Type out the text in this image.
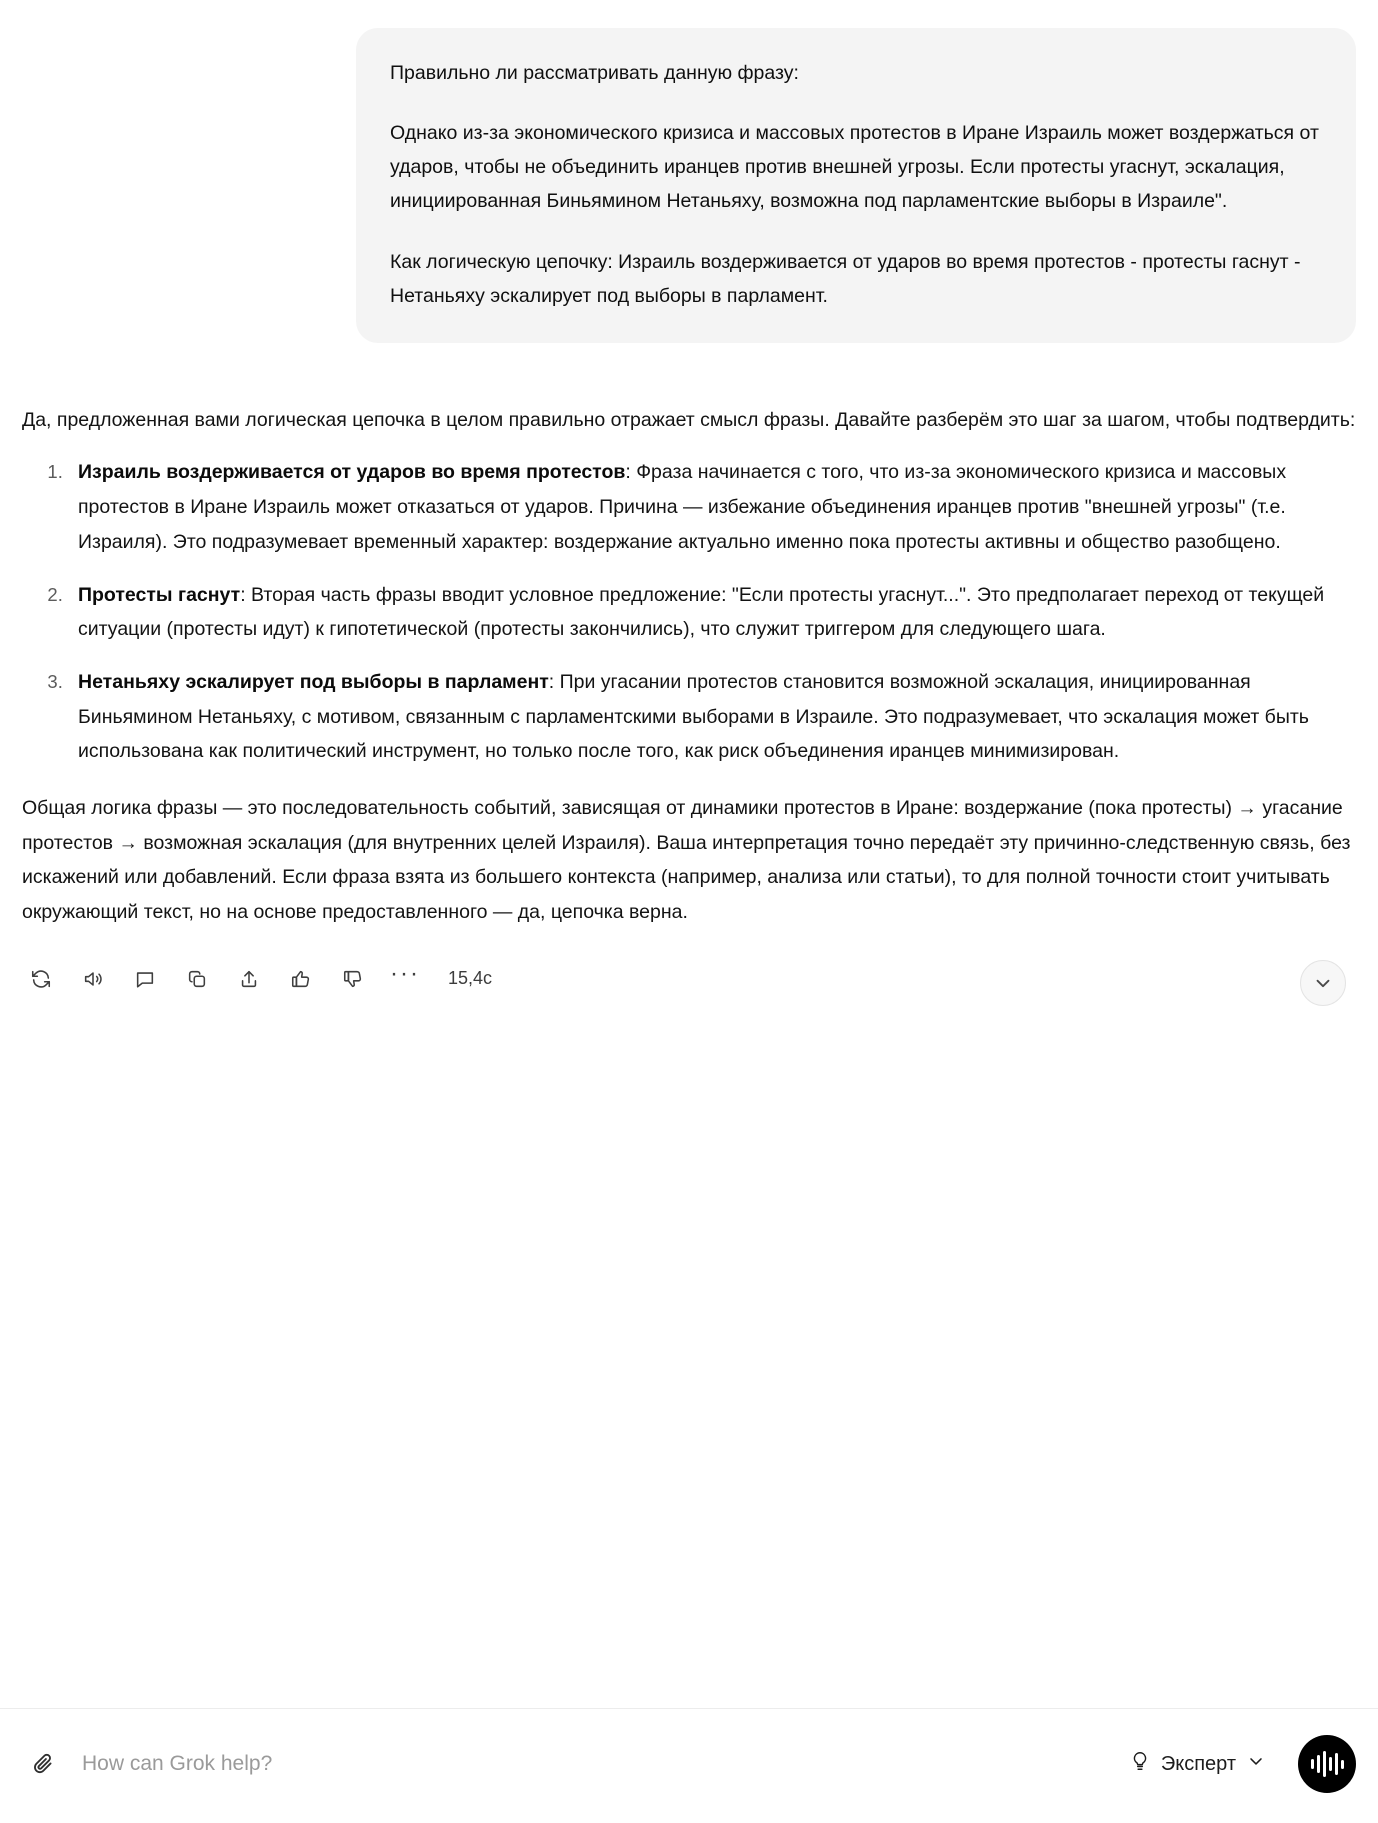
Правильно ли рассматривать данную фразу:

Однако из-за экономического кризиса и массовых протестов в Иране Израиль может воздержаться от ударов, чтобы не объединить иранцев против внешней угрозы. Если протесты угаснут, эскалация, инициированная Биньямином Нетаньяху, возможна под парламентские выборы в Израиле".

Как логическую цепочку: Израиль воздерживается от ударов во время протестов - протесты гаснут - Нетаньяху эскалирует под выборы в парламент.

Да, предложенная вами логическая цепочка в целом правильно отражает смысл фразы. Давайте разберём это шаг за шагом, чтобы подтвердить:

1. Израиль воздерживается от ударов во время протестов: Фраза начинается с того, что из-за экономического кризиса и массовых протестов в Иране Израиль может отказаться от ударов. Причина — избежание объединения иранцев против "внешней угрозы" (т.е. Израиля). Это подразумевает временный характер: воздержание актуально именно пока протесты активны и общество разобщено.
2. Протесты гаснут: Вторая часть фразы вводит условное предложение: "Если протесты угаснут...". Это предполагает переход от текущей ситуации (протесты идут) к гипотетической (протесты закончились), что служит триггером для следующего шага.
3. Нетаньяху эскалирует под выборы в парламент: При угасании протестов становится возможной эскалация, инициированная Биньямином Нетаньяху, с мотивом, связанным с парламентскими выборами в Израиле. Это подразумевает, что эскалация может быть использована как политический инструмент, но только после того, как риск объединения иранцев минимизирован.

Общая логика фразы — это последовательность событий, зависящая от динамики протестов в Иране: воздержание (пока протесты) → угасание протестов → возможная эскалация (для внутренних целей Израиля). Ваша интерпретация точно передаёт эту причинно-следственную связь, без искажений или добавлений. Если фраза взята из большего контекста (например, анализа или статьи), то для полной точности стоит учитывать окружающий текст, но на основе предоставленного — да, цепочка верна.

··· 15,4с
How can Grok help?
Эксперт
